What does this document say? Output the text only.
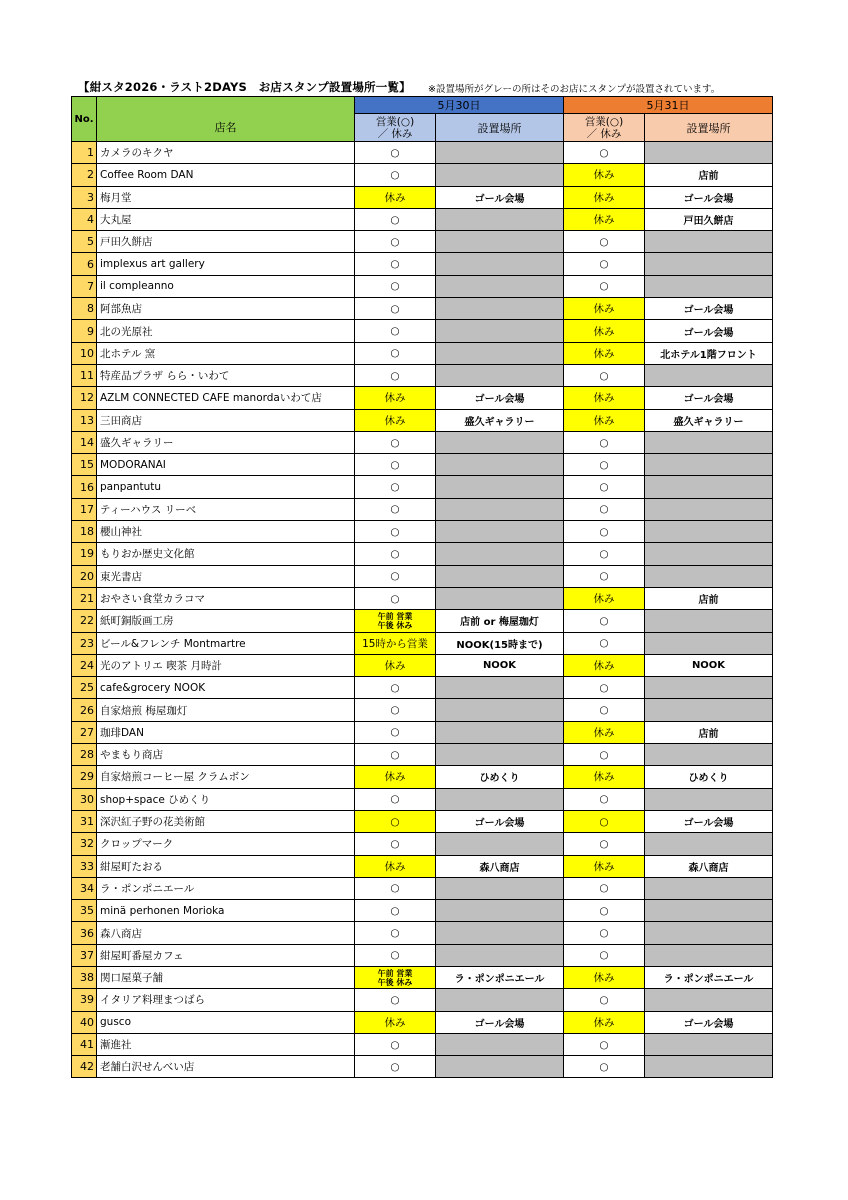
【紺スタ2026・ラスト2DAYS　お店スタンプ設置場所一覧】 ※設置場所がグレーの所はそのお店にスタンプが設置されています。
No.	店名	5月30日		5月31日	

		営業(○)
／ 休み	設置場所	営業(○)
／ 休み	設置場所
1	カメラのキクヤ	○		○	
2	Coffee Room DAN	○		休み	店前
3	梅月堂	休み	ゴール会場	休み	ゴール会場
4	大丸屋	○		休み	戸田久餅店
5	戸田久餅店	○		○	
6	implexus art gallery	○		○	
7	il compleanno	○		○	
8	阿部魚店	○		休み	ゴール会場
9	北の光原社	○		休み	ゴール会場
10	北ホテル 窯	○		休み	北ホテル1階フロント
11	特産品プラザ らら・いわて	○		○	
12	AZLM CONNECTED CAFE manordaいわて店	休み	ゴール会場	休み	ゴール会場
13	三田商店	休み	盛久ギャラリー	休み	盛久ギャラリー
14	盛久ギャラリー	○		○	
15	MODORANAI	○		○	
16	panpantutu	○		○	
17	ティーハウス リーベ	○		○	
18	櫻山神社	○		○	
19	もりおか歴史文化館	○		○	
20	東光書店	○		○	
21	おやさい食堂カラコマ	○		休み	店前
22	紙町銅版画工房	午前 営業
午後 休み	店前 or 梅屋珈灯	○	
23	ビール&フレンチ Montmartre	15時から営業	NOOK(15時まで)	○	
24	光のアトリエ 喫茶 月時計	休み	NOOK	休み	NOOK
25	cafe&grocery NOOK	○		○	
26	自家焙煎 梅屋珈灯	○		○	
27	珈琲DAN	○		休み	店前
28	やまもり商店	○		○	
29	自家焙煎コーヒー屋 クラムボン	休み	ひめくり	休み	ひめくり
30	shop+space ひめくり	○		○	
31	深沢紅子野の花美術館	○	ゴール会場	○	ゴール会場
32	クロップマーク	○		○	
33	紺屋町たおる	休み	森八商店	休み	森八商店
34	ラ・ポンポニエール	○		○	
35	minä perhonen Morioka	○		○	
36	森八商店	○		○	
37	紺屋町番屋カフェ	○		○	
38	関口屋菓子舗	午前 営業
午後 休み	ラ・ポンポニエール	休み	ラ・ポンポニエール
39	イタリア料理まつばら	○		○	
40	gusco	休み	ゴール会場	休み	ゴール会場
41	漸進社	○		○	
42	老舗白沢せんべい店	○		○	
